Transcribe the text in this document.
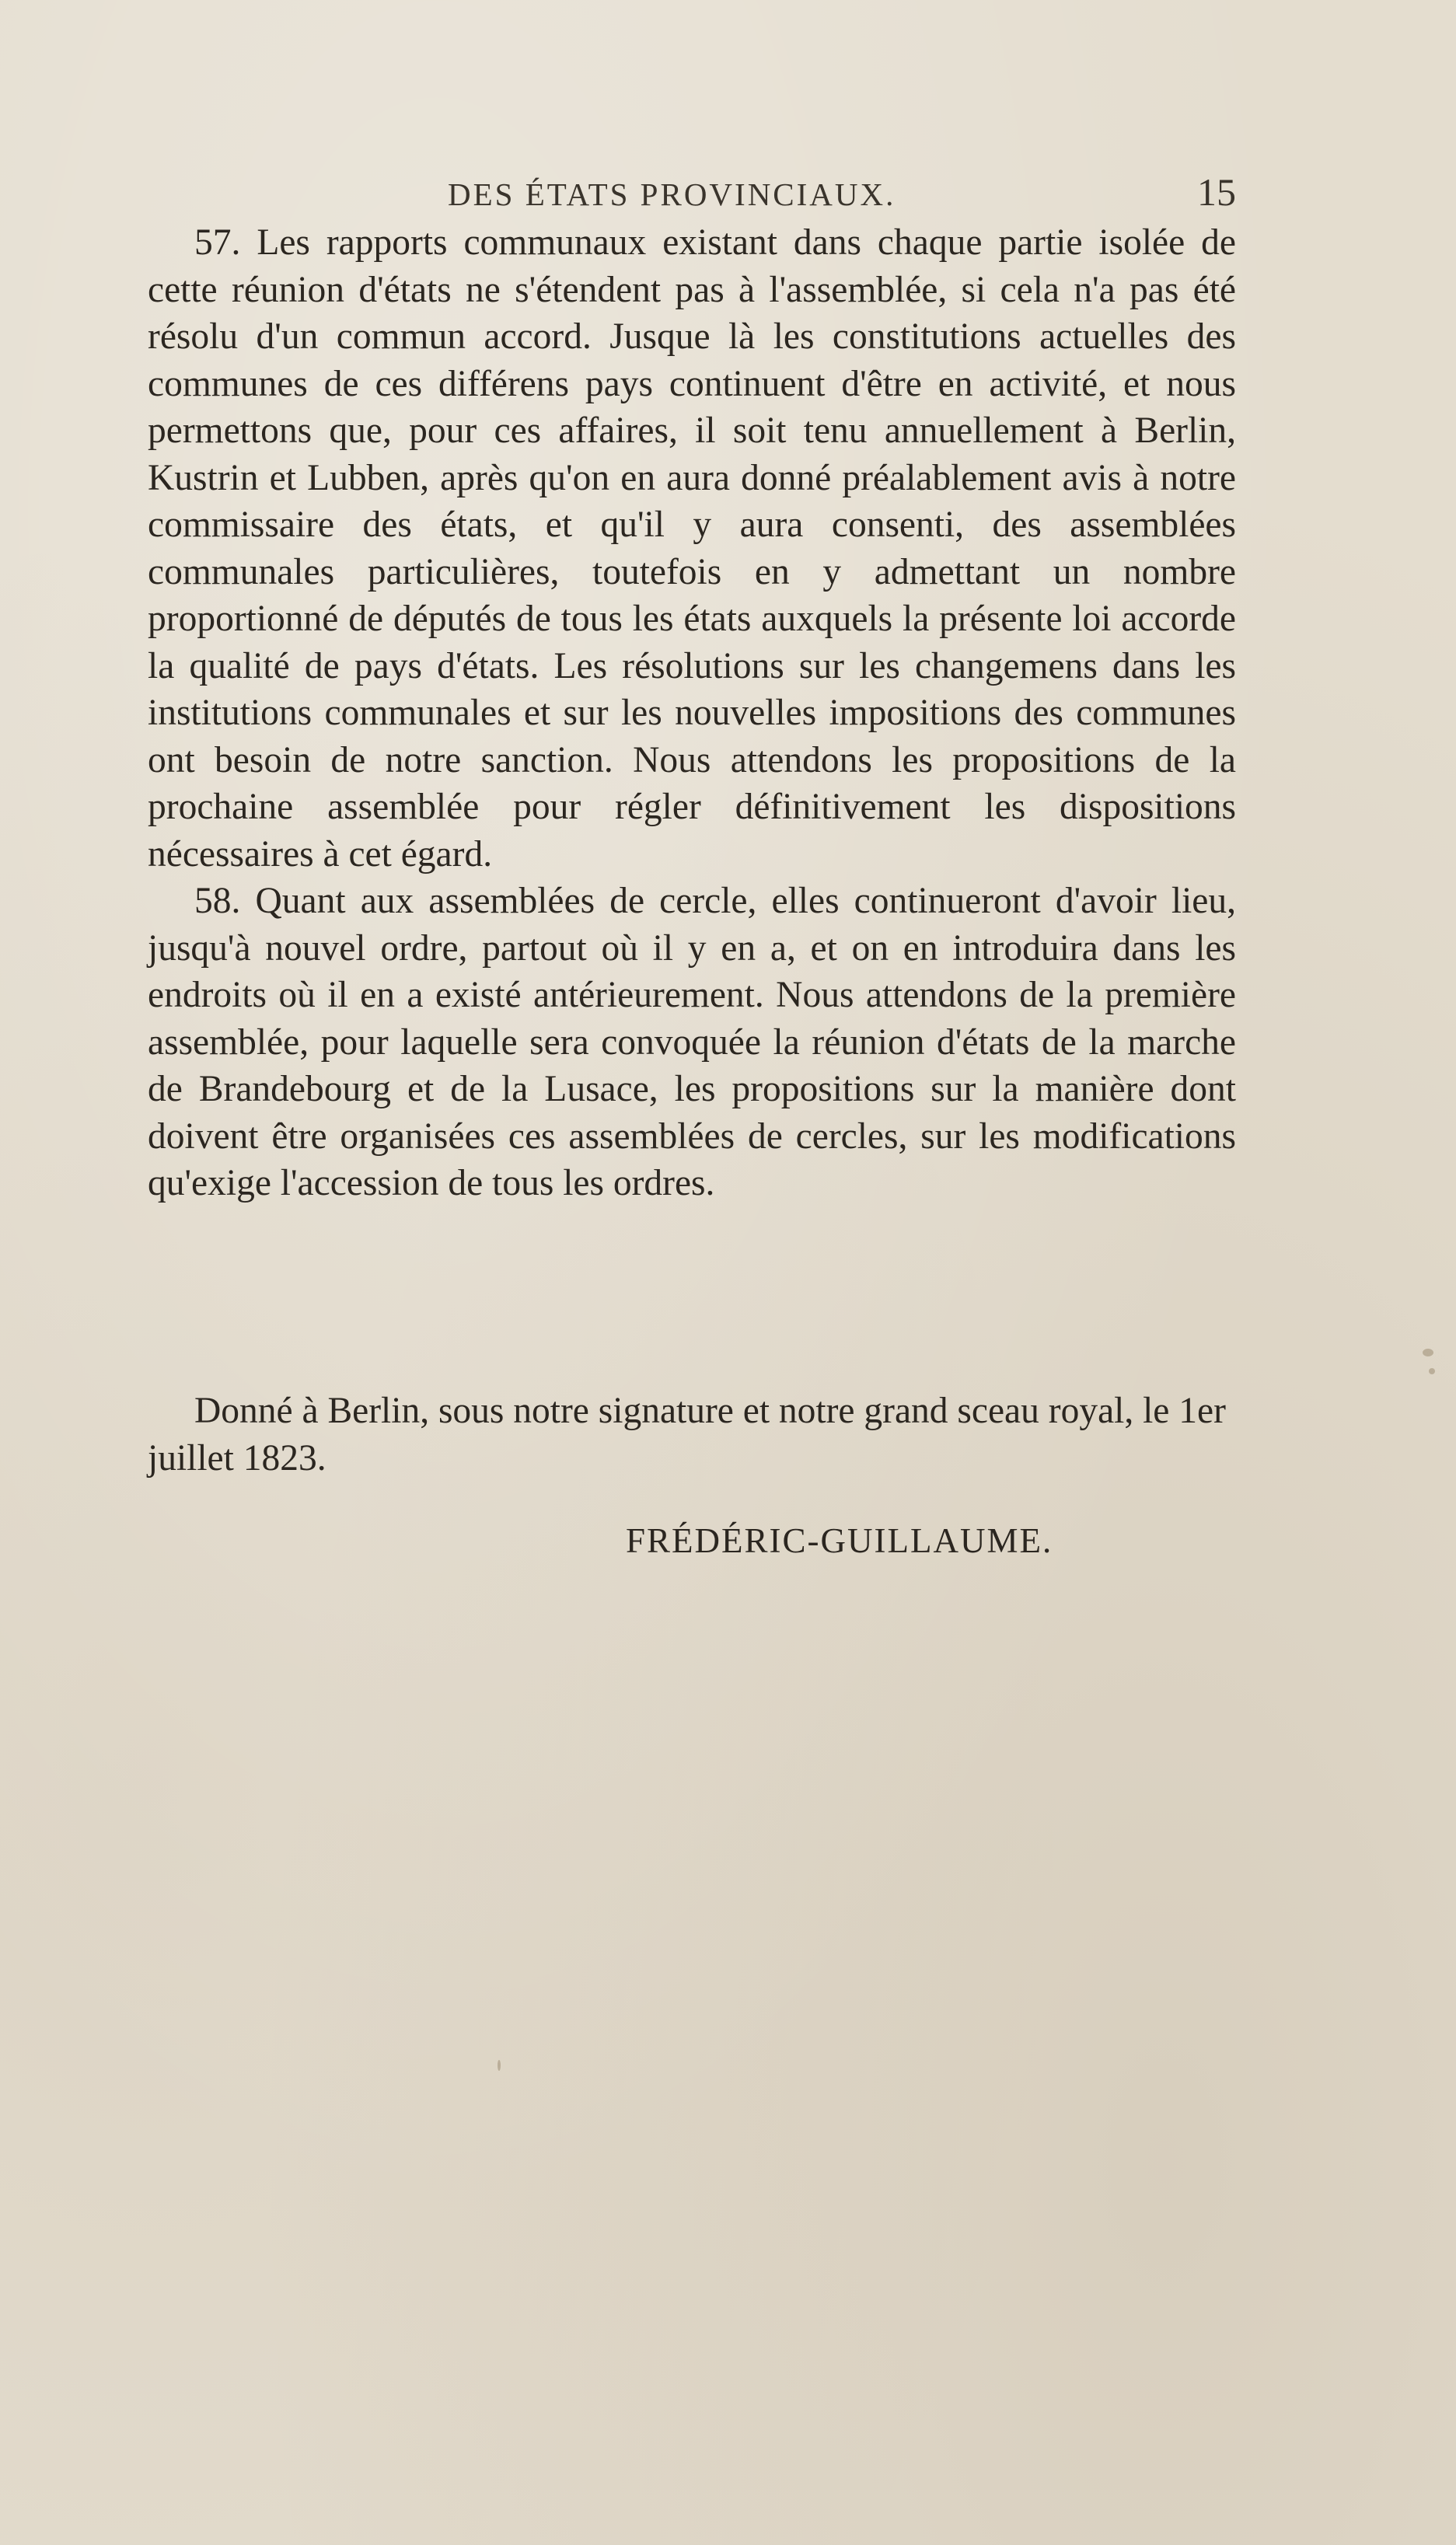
DES ÉTATS PROVINCIAUX.	15

57. Les rapports communaux existant dans chaque partie isolée de cette réunion d'états ne s'étendent pas à l'assemblée, si cela n'a pas été résolu d'un commun accord. Jusque là les constitutions actuelles des communes de ces différens pays continuent d'être en activité, et nous permettons que, pour ces affaires, il soit tenu annuellement à Berlin, Kustrin et Lubben, après qu'on en aura donné préalablement avis à notre commissaire des états, et qu'il y aura consenti, des assemblées communales particulières, toutefois en y admettant un nombre proportionné de députés de tous les états auxquels la présente loi accorde la qualité de pays d'états. Les résolutions sur les changemens dans les institutions communales et sur les nouvelles impositions des communes ont besoin de notre sanction. Nous attendons les propositions de la prochaine assemblée pour régler définitivement les dispositions nécessaires à cet égard.

58. Quant aux assemblées de cercle, elles continueront d'avoir lieu, jusqu'à nouvel ordre, partout où il y en a, et on en introduira dans les endroits où il en a existé antérieurement. Nous attendons de la première assemblée, pour laquelle sera convoquée la réunion d'états de la marche de Brandebourg et de la Lusace, les propositions sur la manière dont doivent être organisées ces assemblées de cercles, sur les modifications qu'exige l'accession de tous les ordres.

Donné à Berlin, sous notre signature et notre grand sceau royal, le 1er juillet 1823.

FRÉDÉRIC-GUILLAUME.
